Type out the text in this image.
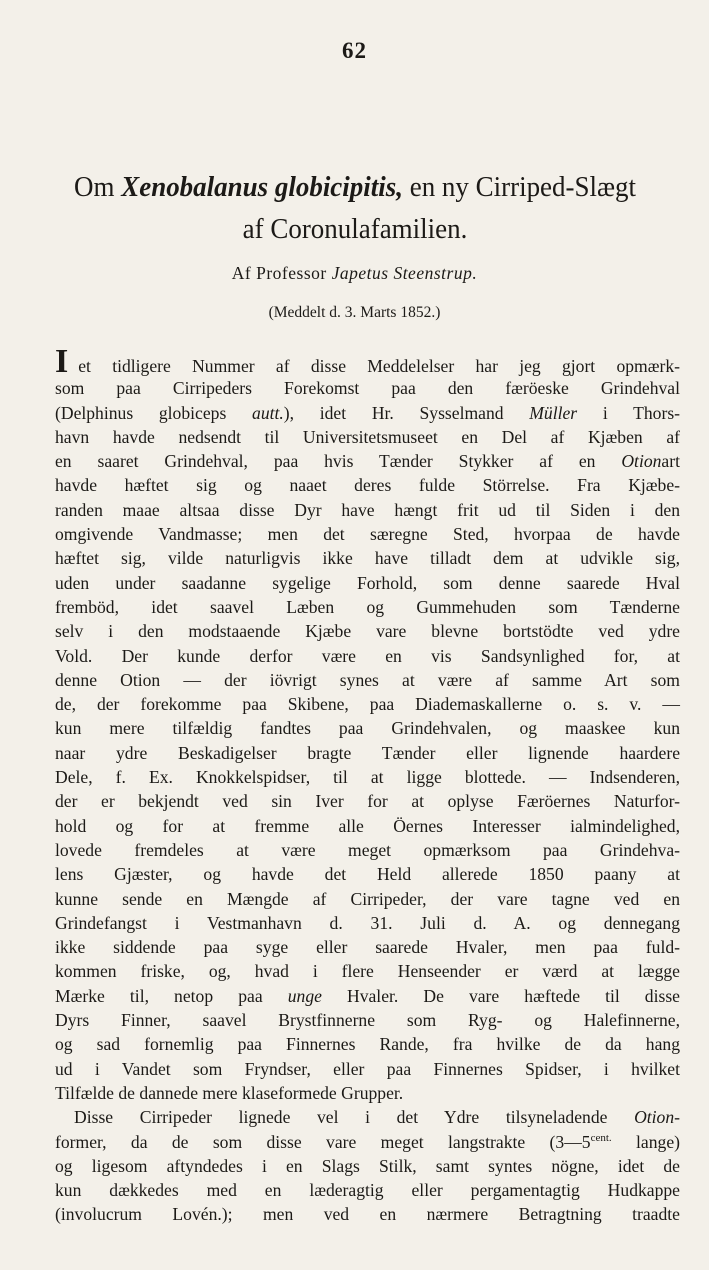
62
Om Xenobalanus globicipitis, en ny Cirriped-Slægt
af Coronulafamilien.
Af Professor Japetus Steenstrup.
(Meddelt d. 3. Marts 1852.)
Iet tidligere Nummer af disse Meddelelser har jeg gjort opmærk-
som paa Cirripeders Forekomst paa den færöeske Grindehval
(Delphinus globiceps autt.), idet Hr. Sysselmand Müller i Thors-
havn havde nedsendt til Universitetsmuseet en Del af Kjæben af
en saaret Grindehval, paa hvis Tænder Stykker af en Otionart
havde hæftet sig og naaet deres fulde Störrelse. Fra Kjæbe-
randen maae altsaa disse Dyr have hængt frit ud til Siden i den
omgivende Vandmasse; men det særegne Sted, hvorpaa de havde
hæftet sig, vilde naturligvis ikke have tilladt dem at udvikle sig,
uden under saadanne sygelige Forhold, som denne saarede Hval
fremböd, idet saavel Læben og Gummehuden som Tænderne
selv i den modstaaende Kjæbe vare blevne bortstödte ved ydre
Vold. Der kunde derfor være en vis Sandsynlighed for, at
denne Otion — der iövrigt synes at være af samme Art som
de, der forekomme paa Skibene, paa Diademaskallerne o. s. v. —
kun mere tilfældig fandtes paa Grindehvalen, og maaskee kun
naar ydre Beskadigelser bragte Tænder eller lignende haardere
Dele, f. Ex. Knokkelspidser, til at ligge blottede. — Indsenderen,
der er bekjendt ved sin Iver for at oplyse Færöernes Naturfor-
hold og for at fremme alle Öernes Interesser ialmindelighed,
lovede fremdeles at være meget opmærksom paa Grindehva-
lens Gjæster, og havde det Held allerede 1850 paany at
kunne sende en Mængde af Cirripeder, der vare tagne ved en
Grindefangst i Vestmanhavn d. 31. Juli d. A. og dennegang
ikke siddende paa syge eller saarede Hvaler, men paa fuld-
kommen friske, og, hvad i flere Henseender er værd at lægge
Mærke til, netop paa unge Hvaler. De vare hæftede til disse
Dyrs Finner, saavel Brystfinnerne som Ryg- og Halefinnerne,
og sad fornemlig paa Finnernes Rande, fra hvilke de da hang
ud i Vandet som Fryndser, eller paa Finnernes Spidser, i hvilket
Tilfælde de dannede mere klaseformede Grupper.
Disse Cirripeder lignede vel i det Ydre tilsyneladende Otion-
former, da de som disse vare meget langstrakte ($3—5^{cent.}$ lange)
og ligesom aftyndedes i en Slags Stilk, samt syntes nögne, idet de
kun dækkedes med en læderagtig eller pergamentagtig Hudkappe
(involucrum Lovén.); men ved en nærmere Betragtning traadte
